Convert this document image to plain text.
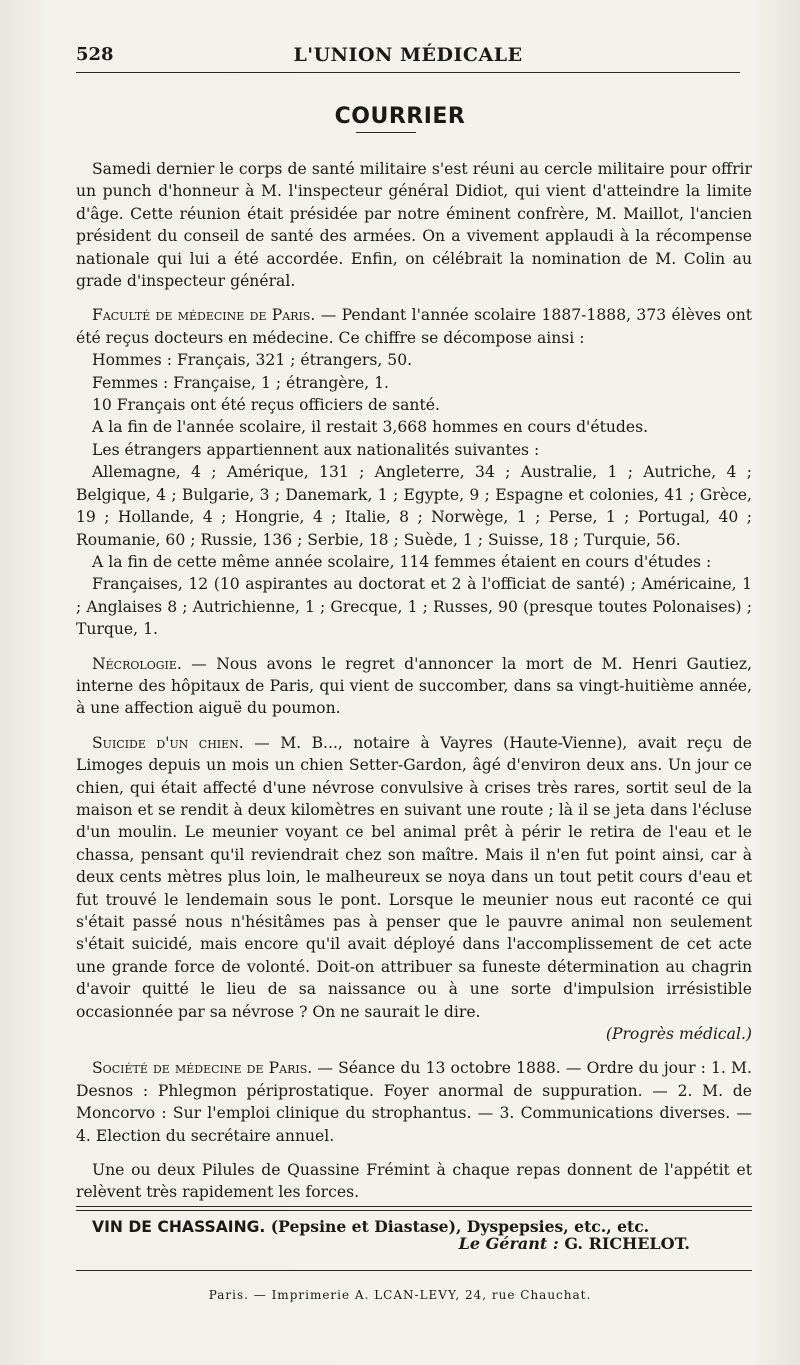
528	L'UNION MÉDICALE
COURRIER

Samedi dernier le corps de santé militaire s'est réuni au cercle militaire pour offrir un punch d'honneur à M. l'inspecteur général Didiot, qui vient d'atteindre la limite d'âge. Cette réunion était présidée par notre éminent confrère, M. Maillot, l'ancien président du conseil de santé des armées. On a vivement applaudi à la récompense nationale qui lui a été accordée. Enfin, on célébrait la nomination de M. Colin au grade d'inspecteur général.

Faculté de médecine de Paris. — Pendant l'année scolaire 1887-1888, 373 élèves ont été reçus docteurs en médecine. Ce chiffre se décompose ainsi :

Hommes : Français, 321 ; étrangers, 50.

Femmes : Française, 1 ; étrangère, 1.

10 Français ont été reçus officiers de santé.

A la fin de l'année scolaire, il restait 3,668 hommes en cours d'études.

Les étrangers appartiennent aux nationalités suivantes :

Allemagne, 4 ; Amérique, 131 ; Angleterre, 34 ; Australie, 1 ; Autriche, 4 ; Belgique, 4 ; Bulgarie, 3 ; Danemark, 1 ; Egypte, 9 ; Espagne et colonies, 41 ; Grèce, 19 ; Hollande, 4 ; Hongrie, 4 ; Italie, 8 ; Norwège, 1 ; Perse, 1 ; Portugal, 40 ; Roumanie, 60 ; Russie, 136 ; Serbie, 18 ; Suède, 1 ; Suisse, 18 ; Turquie, 56.

A la fin de cette même année scolaire, 114 femmes étaient en cours d'études :

Françaises, 12 (10 aspirantes au doctorat et 2 à l'officiat de santé) ; Américaine, 1 ; Anglaises 8 ; Autrichienne, 1 ; Grecque, 1 ; Russes, 90 (presque toutes Polonaises) ; Turque, 1.

Nécrologie. — Nous avons le regret d'annoncer la mort de M. Henri Gautiez, interne des hôpitaux de Paris, qui vient de succomber, dans sa vingt-huitième année, à une affection aiguë du poumon.

Suicide d'un chien. — M. B..., notaire à Vayres (Haute-Vienne), avait reçu de Limoges depuis un mois un chien Setter-Gardon, âgé d'environ deux ans. Un jour ce chien, qui était affecté d'une névrose convulsive à crises très rares, sortit seul de la maison et se rendit à deux kilomètres en suivant une route ; là il se jeta dans l'écluse d'un moulin. Le meunier voyant ce bel animal prêt à périr le retira de l'eau et le chassa, pensant qu'il reviendrait chez son maître. Mais il n'en fut point ainsi, car à deux cents mètres plus loin, le malheureux se noya dans un tout petit cours d'eau et fut trouvé le lendemain sous le pont. Lorsque le meunier nous eut raconté ce qui s'était passé nous n'hésitâmes pas à penser que le pauvre animal non seulement s'était suicidé, mais encore qu'il avait déployé dans l'accomplissement de cet acte une grande force de volonté. Doit-on attribuer sa funeste détermination au chagrin d'avoir quitté le lieu de sa naissance ou à une sorte d'impulsion irrésistible occasionnée par sa névrose ? On ne saurait le dire.

(Progrès médical.)

Société de médecine de Paris. — Séance du 13 octobre 1888. — Ordre du jour : 1. M. Desnos : Phlegmon périprostatique. Foyer anormal de suppuration. — 2. M. de Moncorvo : Sur l'emploi clinique du strophantus. — 3. Communications diverses. — 4. Election du secrétaire annuel.

Une ou deux Pilules de Quassine Frémint à chaque repas donnent de l'appétit et relèvent très rapidement les forces.

VIN DE CHASSAING. (Pepsine et Diastase), Dyspepsies, etc., etc.

Le Gérant : G. RICHELOT.
Paris. — Imprimerie A. LCAN-LEVY, 24, rue Chauchat.
